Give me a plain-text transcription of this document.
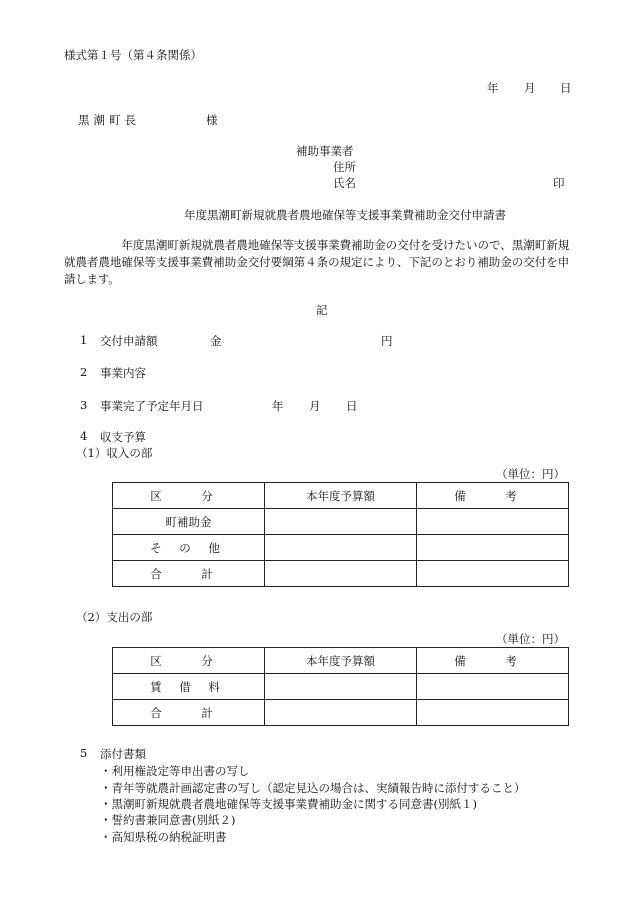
様式第１号（第４条関係）
年 月 日
黒潮町長	様
補助事業者
住所
氏名	印
年度黒潮町新規就農者農地確保等支援事業費補助金交付申請書
　　　　　年度黒潮町新規就農者農地確保等支援事業費補助金の交付を受けたいので、黒潮町新規就農者農地確保等支援事業費補助金交付要綱第４条の規定により、下記のとおり補助金の交付を申請します。
記
1 交付申請額	金	円
2 事業内容
3 事業完了予定年月日	年 月 日
4 収支予算
（1）収入の部
（単位：円）
区　分	本年度予算額	備　考
町補助金		
そ の 他		
合　計		
（2）支出の部
（単位：円）
区　分	本年度予算額	備　考
賃 借 料		
合　計		
5 添付書類
・利用権設定等申出書の写し
・青年等就農計画認定書の写し（認定見込の場合は、実績報告時に添付すること）
・黒潮町新規就農者農地確保等支援事業費補助金に関する同意書(別紙１)
・誓約書兼同意書(別紙２)
・高知県税の納税証明書
